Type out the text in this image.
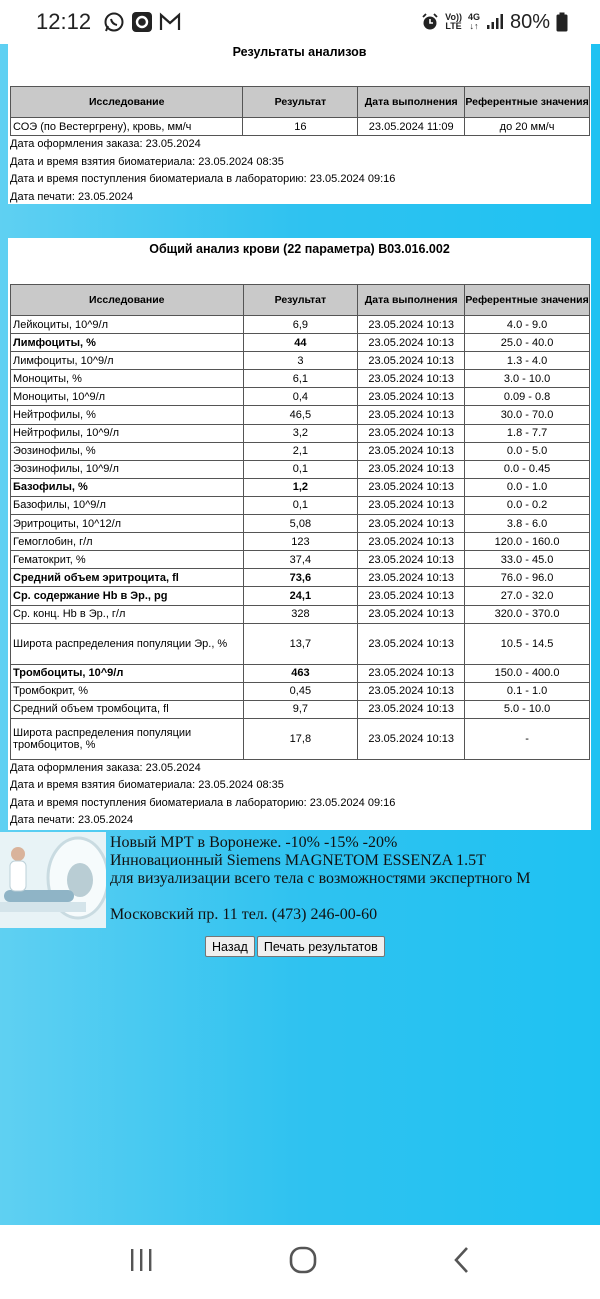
12:12	Vo))
LTE
4G
↓↑ 80%
Результаты анализов
Исследование	Результат	Дата выполнения	Референтные значения
СОЭ (по Вестергрену), кровь, мм/ч	16	23.05.2024 11:09	до 20 мм/ч
Дата оформления заказа: 23.05.2024
Дата и время взятия биоматериала: 23.05.2024 08:35
Дата и время поступления биоматериала в лабораторию: 23.05.2024 09:16
Дата печати: 23.05.2024
Общий анализ крови (22 параметра) B03.016.002
Исследование	Результат	Дата выполнения	Референтные значения
Лейкоциты, 10^9/л	6,9	23.05.2024 10:13	4.0 - 9.0
Лимфоциты, %	44	23.05.2024 10:13	25.0 - 40.0
Лимфоциты, 10^9/л	3	23.05.2024 10:13	1.3 - 4.0
Моноциты, %	6,1	23.05.2024 10:13	3.0 - 10.0
Моноциты, 10^9/л	0,4	23.05.2024 10:13	0.09 - 0.8
Нейтрофилы, %	46,5	23.05.2024 10:13	30.0 - 70.0
Нейтрофилы, 10^9/л	3,2	23.05.2024 10:13	1.8 - 7.7
Эозинофилы, %	2,1	23.05.2024 10:13	0.0 - 5.0
Эозинофилы, 10^9/л	0,1	23.05.2024 10:13	0.0 - 0.45
Базофилы, %	1,2	23.05.2024 10:13	0.0 - 1.0
Базофилы, 10^9/л	0,1	23.05.2024 10:13	0.0 - 0.2
Эритроциты, 10^12/л	5,08	23.05.2024 10:13	3.8 - 6.0
Гемоглобин, г/л	123	23.05.2024 10:13	120.0 - 160.0
Гематокрит, %	37,4	23.05.2024 10:13	33.0 - 45.0
Средний объем эритроцита, fl	73,6	23.05.2024 10:13	76.0 - 96.0
Ср. содержание Hb в Эр., pg	24,1	23.05.2024 10:13	27.0 - 32.0
Ср. конц. Hb в Эр., г/л	328	23.05.2024 10:13	320.0 - 370.0
Широта распределения популяции Эр., %	13,7	23.05.2024 10:13	10.5 - 14.5
Тромбоциты, 10^9/л	463	23.05.2024 10:13	150.0 - 400.0
Тромбокрит, %	0,45	23.05.2024 10:13	0.1 - 1.0
Средний объем тромбоцита, fl	9,7	23.05.2024 10:13	5.0 - 10.0
Широта распределения популяции тромбоцитов, %	17,8	23.05.2024 10:13	-
Дата оформления заказа: 23.05.2024
Дата и время взятия биоматериала: 23.05.2024 08:35
Дата и время поступления биоматериала в лабораторию: 23.05.2024 09:16
Дата печати: 23.05.2024
Новый МРТ в Воронеже. -10% -15% -20%
Инновационный Siemens MAGNETOM ESSENZA 1.5T
для визуализации всего тела с возможностями экспертного М
Московский пр. 11 тел. (473) 246-00-60
Назад	Печать результатов
